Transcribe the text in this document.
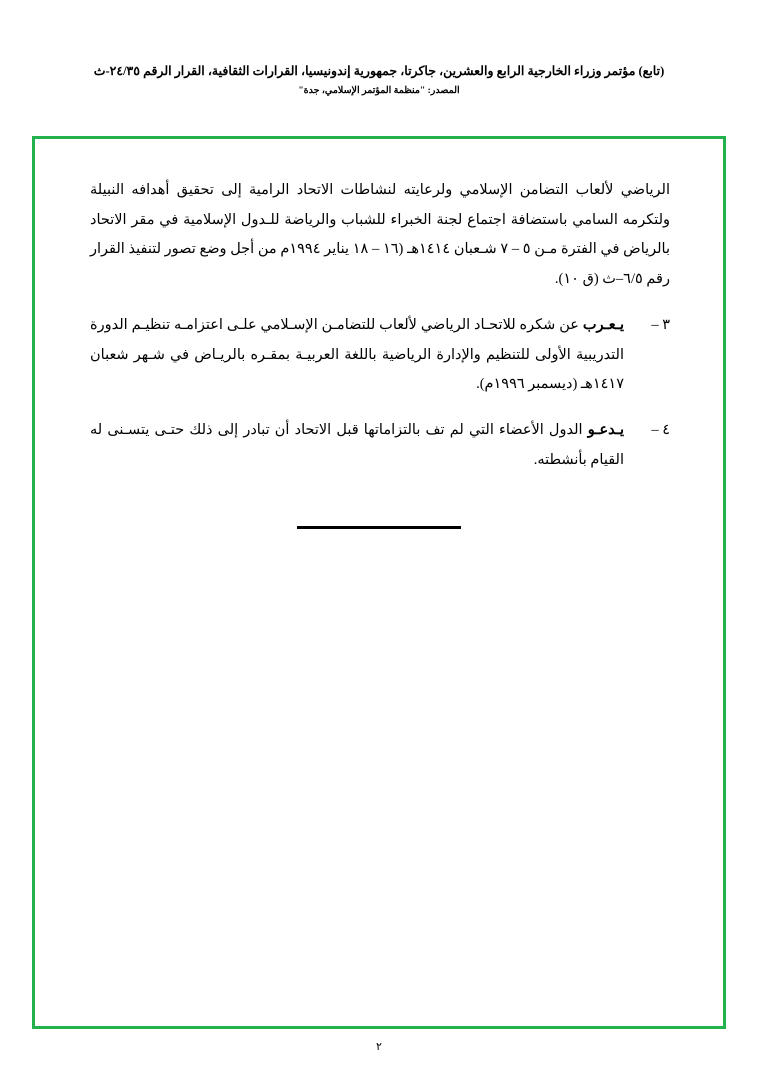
(تابع) مؤتمر وزراء الخارجية الرابع والعشرين، جاكرتا، جمهورية إندونيسيا، القرارات الثقافية، القرار الرقم ٢٤/٣٥-ث
المصدر: "منظمة المؤتمر الإسلامي، جدة"

الرياضي لألعاب التضامن الإسلامي ولرعايته لنشاطات الاتحاد الرامية إلى تحقيق أهدافه النبيلة ولتكرمه السامي باستضافة اجتماع لجنة الخبراء للشباب والرياضة للـدول الإسلامية في مقر الاتحاد بالرياض في الفترة مـن ٥ – ٧ شـعبان ١٤١٤هـ (١٦ – ١٨ يناير ١٩٩٤م من أجل وضع تصور لتنفيذ القرار رقم ٦/٥–ث (ق ١٠).

٣ –
يـعـرب عن شكره للاتحـاد الرياضي لألعاب للتضامـن الإسـلامي علـى اعتزامـه تنظيـم الدورة التدريبية الأولى للتنظيم والإدارة الرياضية باللغة العربيـة بمقـره بالريـاض في شـهر شعبان ١٤١٧هـ (ديسمبر ١٩٩٦م).
٤ –
يـدعـو الدول الأعضاء التي لم تف بالتزاماتها قبل الاتحاد أن تبادر إلى ذلك حتـى يتسـنى له القيام بأنشطته.
٢
